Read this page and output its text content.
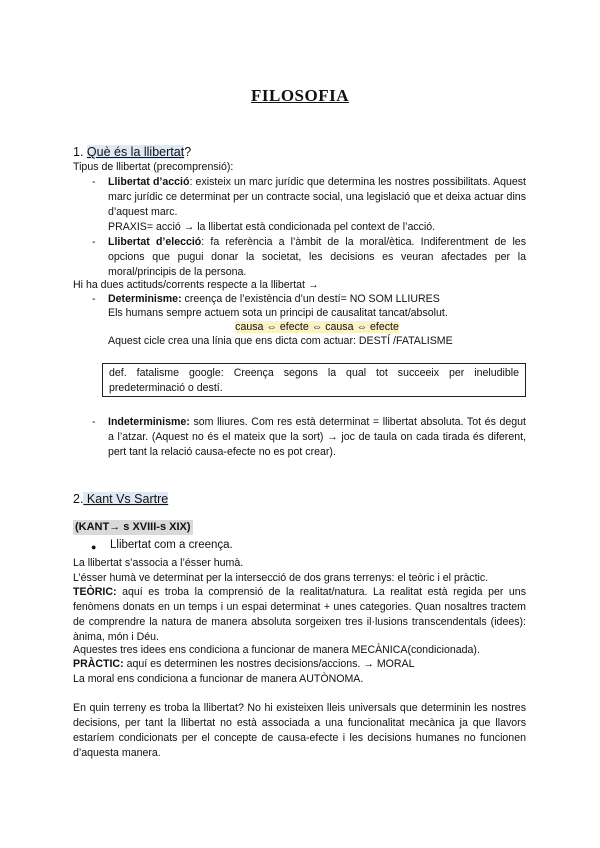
FILOSOFIA
1. Què és la llibertat?
Tipus de llibertat (precomprensió):
- Llibertat d’acció: existeix un marc jurídic que determina les nostres possibilitats. Aquest marc jurídic ce determinat per un contracte social, una legislació que et deixa actuar dins d’aquest marc.
PRAXIS= acció → la llibertat està condicionada pel context de l’acció.
- Llibertat d’elecció: fa referència a l’àmbit de la moral/ètica. Indiferentment de les opcions que pugui donar la societat, les decisions es veuran afectades per la moral/principis de la persona.
Hi ha dues actituds/corrents respecte a la llibertat →
- Determinisme: creença de l’existència d’un destí= NO SOM LLIURES
Els humans sempre actuem sota un principi de causalitat tancat/absolut.
causa ⇔ efecte ⇔ causa ⇔ efecte
Aquest cicle crea una línia que ens dicta com actuar: DESTÍ /FATALISME
def. fatalisme google: Creença segons la qual tot succeeix per ineludible predeterminació o destí.
- Indeterminisme: som lliures. Com res està determinat = llibertat absoluta. Tot és degut a l’atzar. (Aquest no és el mateix que la sort) → joc de taula on cada tirada és diferent, pert tant la relació causa-efecte no es pot crear).
2. Kant Vs Sartre
(KANT→ s XVIII-s XIX)
● Llibertat com a creença.
La llibertat s’associa a l’ésser humà.
L’ésser humà ve determinat per la intersecció de dos grans terrenys: el teòric i el pràctic.
TEÒRIC: aquí es troba la comprensió de la realitat/natura. La realitat està regida per uns fenòmens donats en un temps i un espai determinat + unes categories. Quan nosaltres tractem de comprendre la natura de manera absoluta sorgeixen tres il·lusions transcendentals (idees): ànima, món i Déu.
Aquestes tres idees ens condiciona a funcionar de manera MECÀNICA(condicionada).
PRÀCTIC: aquí es determinen les nostres decisions/accions. → MORAL
La moral ens condiciona a funcionar de manera AUTÒNOMA.
En quin terreny es troba la llibertat? No hi existeixen lleis universals que determinin les nostres decisions, per tant la llibertat no està associada a una funcionalitat mecànica ja que llavors estaríem condicionats per el concepte de causa-efecte i les decisions humanes no funcionen d’aquesta manera.
